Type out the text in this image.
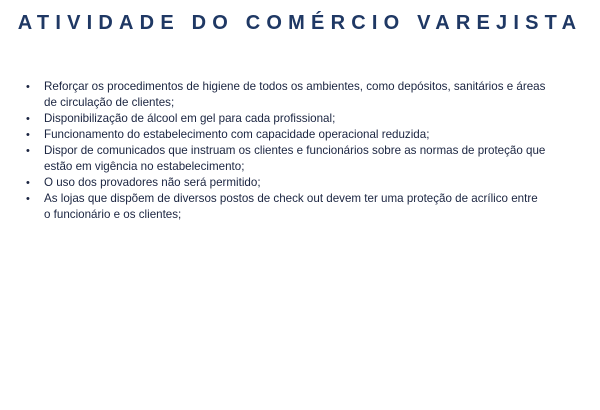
ATIVIDADE DO COMÉRCIO VAREJISTA
•	Reforçar os procedimentos de higiene de todos os ambientes, como depósitos, sanitários e áreas de circulação de clientes;
•	Disponibilização de álcool em gel para cada profissional;
•	Funcionamento do estabelecimento com capacidade operacional reduzida;
•	Dispor de comunicados que instruam os clientes e funcionários sobre as normas de proteção que estão em vigência no estabelecimento;
•	O uso dos provadores não será permitido;
•	As lojas que dispõem de diversos postos de check out devem ter uma proteção de acrílico entre o funcionário e os clientes;
